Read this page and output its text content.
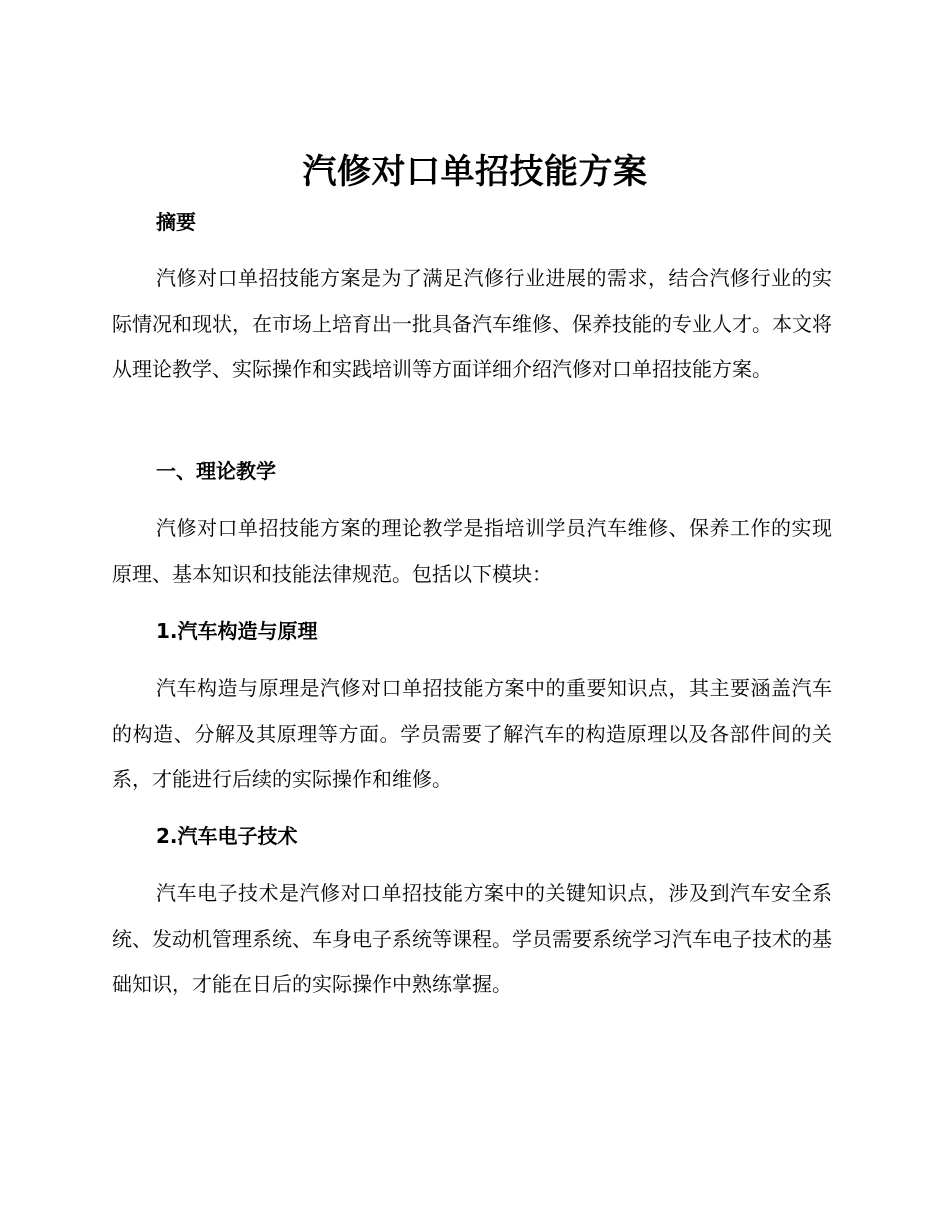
汽修对口单招技能方案
摘要

汽修对口单招技能方案是为了满足汽修行业进展的需求，结合汽修行业的实际情况和现状，在市场上培育出一批具备汽车维修、保养技能的专业人才。本文将从理论教学、实际操作和实践培训等方面详细介绍汽修对口单招技能方案。

一、理论教学

汽修对口单招技能方案的理论教学是指培训学员汽车维修、保养工作的实现原理、基本知识和技能法律规范。包括以下模块：

1.汽车构造与原理

汽车构造与原理是汽修对口单招技能方案中的重要知识点，其主要涵盖汽车的构造、分解及其原理等方面。学员需要了解汽车的构造原理以及各部件间的关系，才能进行后续的实际操作和维修。

2.汽车电子技术

汽车电子技术是汽修对口单招技能方案中的关键知识点，涉及到汽车安全系统、发动机管理系统、车身电子系统等课程。学员需要系统学习汽车电子技术的基础知识，才能在日后的实际操作中熟练掌握。
